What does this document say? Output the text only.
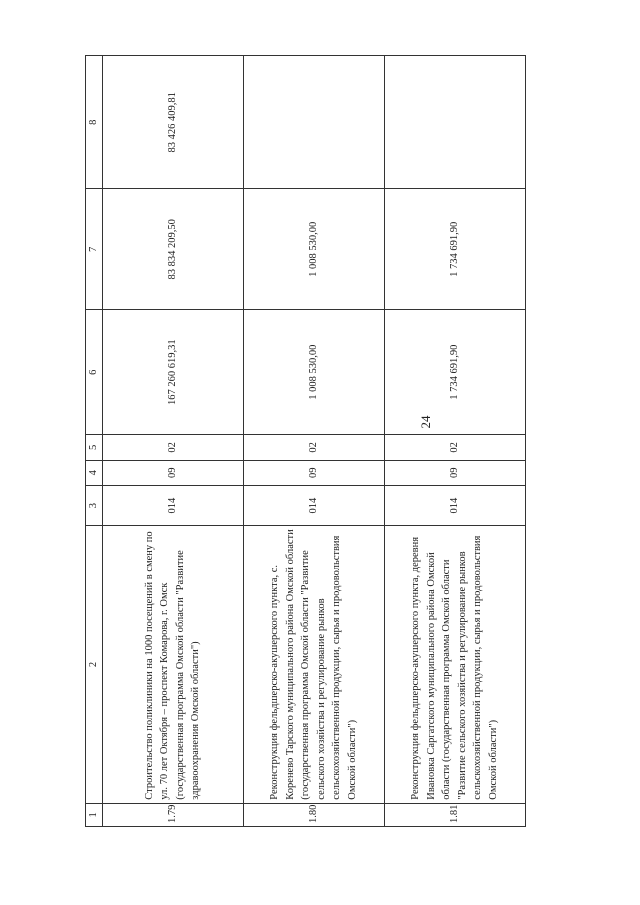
24
1	2	3	4	5	6	7	8
1.79	Строительство поликлиники на 1000 посещений в смену по ул. 70 лет Октября – проспект Комарова, г. Омск (государственная программа Омской области "Развитие здравоохранения Омской области")	014	09	02	167 260 619,31	83 834 209,50	83 426 409,81
1.80	Реконструкция фельдшерско-акушерского пункта, с. Коренево Тарского муниципального района Омской области (государственная программа Омской области "Развитие сельского хозяйства и регулирование рынков сельскохозяйственной продукции, сырья и продовольствия Омской области")	014	09	02	1 008 530,00	1 008 530,00	
1.81	Реконструкция фельдшерско-акушерского пункта, деревня Ивановка Саргатского муниципального района Омской области (государственная программа Омской области "Развитие сельского хозяйства и регулирование рынков сельскохозяйственной продукции, сырья и продовольствия Омской области")	014	09	02	1 734 691,90	1 734 691,90	
